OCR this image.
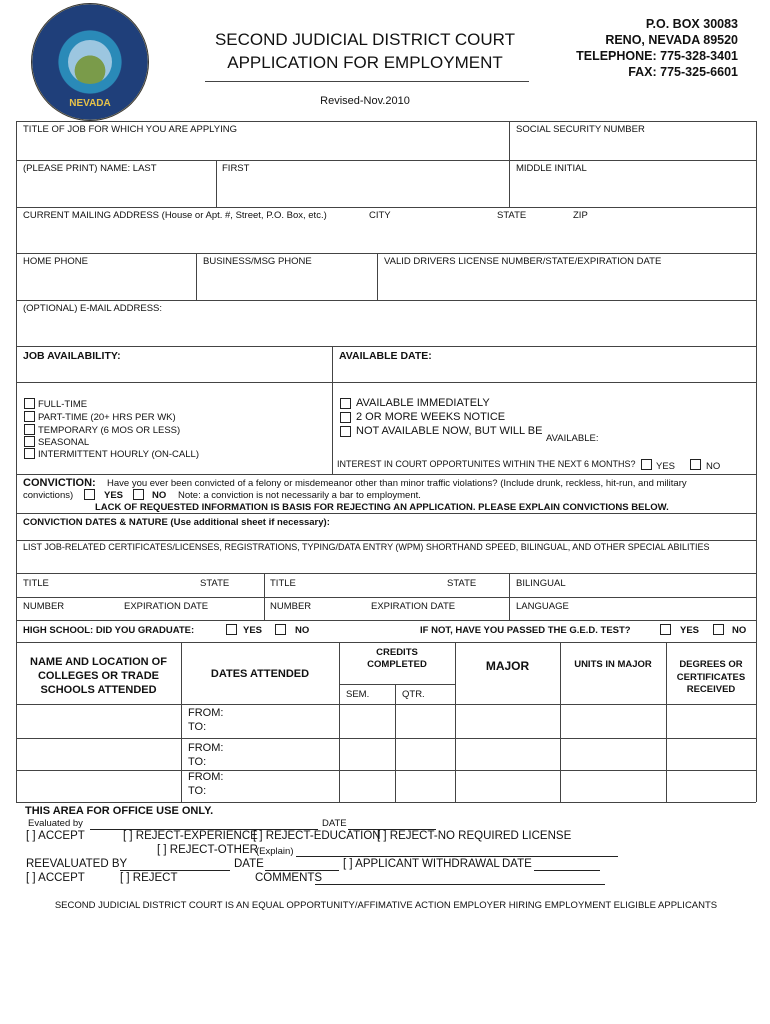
NEVADA
SECOND JUDICIAL DISTRICT COURT
APPLICATION FOR EMPLOYMENT
Revised-Nov.2010
P.O. BOX 30083
RENO, NEVADA 89520
TELEPHONE: 775-328-3401
FAX: 775-325-6601
TITLE OF JOB FOR WHICH YOU ARE APPLYING	SOCIAL SECURITY NUMBER
(PLEASE PRINT) NAME: LAST	FIRST	MIDDLE INITIAL
CURRENT MAILING ADDRESS (House or Apt. #, Street, P.O. Box, etc.)	CITY	STATE	ZIP
HOME PHONE	BUSINESS/MSG PHONE	VALID DRIVERS LICENSE NUMBER/STATE/EXPIRATION DATE
(OPTIONAL) E-MAIL ADDRESS:
JOB AVAILABILITY:	AVAILABLE DATE:
FULL-TIME
PART-TIME (20+ HRS PER WK)
TEMPORARY (6 MOS OR LESS)
SEASONAL
INTERMITTENT HOURLY (ON-CALL)
AVAILABLE IMMEDIATELY
2 OR MORE WEEKS NOTICE
NOT AVAILABLE NOW, BUT WILL BE
AVAILABLE:
INTEREST IN COURT OPPORTUNITES WITHIN THE NEXT 6 MONTHS? YES	NO
CONVICTION: Have you ever been convicted of a felony or misdemeanor other than minor traffic violations? (Include drunk, reckless, hit-run, and military
convictions)	YES	NO Note: a conviction is not necessarily a bar to employment.
LACK OF REQUESTED INFORMATION IS BASIS FOR REJECTING AN APPLICATION. PLEASE EXPLAIN CONVICTIONS BELOW.
CONVICTION DATES & NATURE (Use additional sheet if necessary):
LIST JOB-RELATED CERTIFICATES/LICENSES, REGISTRATIONS, TYPING/DATA ENTRY (WPM) SHORTHAND SPEED, BILINGUAL, AND OTHER SPECIAL ABILITIES
TITLE	STATE	TITLE	STATE	BILINGUAL
NUMBER	EXPIRATION DATE	NUMBER	EXPIRATION DATE	LANGUAGE
HIGH SCHOOL: DID YOU GRADUATE:	YES	NO	IF NOT, HAVE YOU PASSED THE G.E.D. TEST?	YES	NO
NAME AND LOCATION OF
COLLEGES OR TRADE
SCHOOLS ATTENDED
DATES ATTENDED
CREDITS
COMPLETED
SEM.	QTR.
MAJOR	UNITS IN MAJOR	DEGREES OR
CERTIFICATES
RECEIVED
FROM:
TO:
FROM:
TO:
FROM:
TO:
THIS AREA FOR OFFICE USE ONLY.
Evaluated by	DATE
[ ] ACCEPT	[ ] REJECT-EXPERIENCE
[ ] REJECT-EDUCATION
[ ] REJECT-NO REQUIRED LICENSE
[ ] REJECT-OTHER
(Explain)
REEVALUATED BY	DATE	[ ] APPLICANT WITHDRAWAL DATE
[ ] ACCEPT	[ ] REJECT	COMMENTS
SECOND JUDICIAL DISTRICT COURT IS AN EQUAL OPPORTUNITY/AFFIMATIVE ACTION EMPLOYER HIRING EMPLOYMENT ELIGIBLE APPLICANTS
